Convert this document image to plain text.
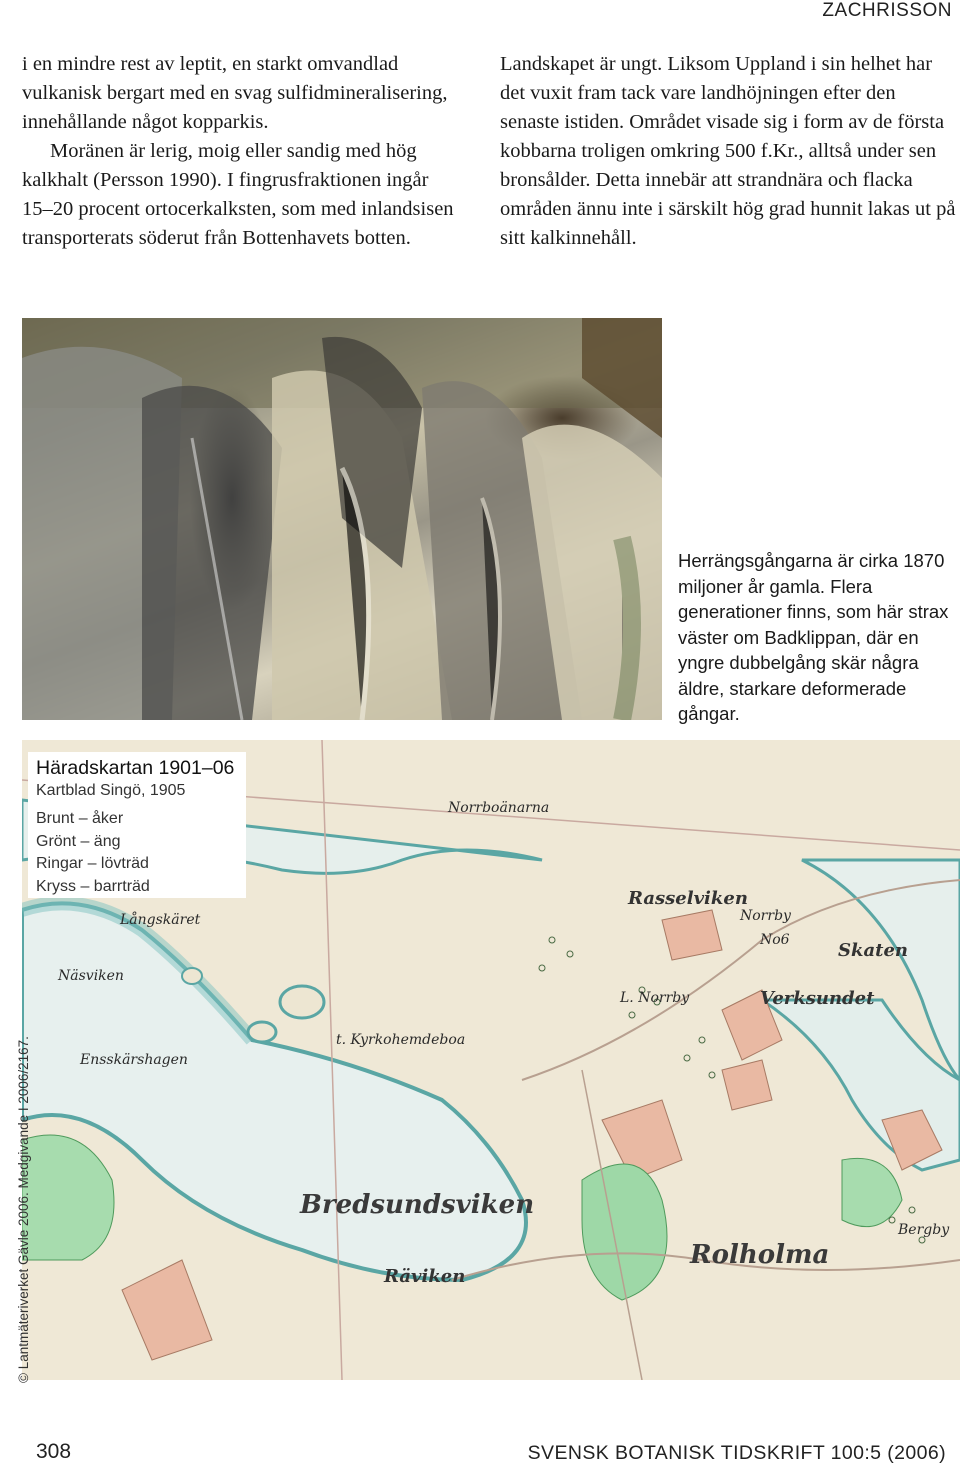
ZACHRISSON

i en mindre rest av leptit, en starkt omvandlad vulkanisk bergart med en svag sulfidmineralisering, innehållande något kopparkis.

Moränen är lerig, moig eller sandig med hög kalkhalt (Persson 1990). I fingrusfraktionen ingår 15–20 procent ortocerkalksten, som med inlandsisen transporterats söderut från Bottenhavets botten.

Landskapet är ungt. Liksom Uppland i sin helhet har det vuxit fram tack vare landhöjningen efter den senaste istiden. Området visade sig i form av de första kobbarna troligen omkring 500 f.Kr., alltså under sen bronsålder. Detta innebär att strandnära och flacka områden ännu inte i särskilt hög grad hunnit lakas ut på sitt kalkinnehåll.

Herrängsgångarna är cirka 1870 miljoner år gamla. Flera generationer finns, som här strax väster om Badklippan, där en yngre dubbelgång skär några äldre, starkare deformerade gångar.
Häradskartan 1901–06
Kartblad Singö, 1905
Brunt – åker
Grönt – äng
Ringar – lövträd
Kryss – barrträd
Norrboänarna
Långskäret
Näsviken
Rasselviken
Norrby
No6	Skaten
L. Norrby	Verksundet
Ensskärshagen
t. Kyrkohemdeboa
Bredsundsviken
Rolholma
Räviken
Bergby
© Lantmäteriverket Gävle 2006. Medgivande I 2006/2167.
308	SVENSK BOTANISK TIDSKRIFT 100:5 (2006)
